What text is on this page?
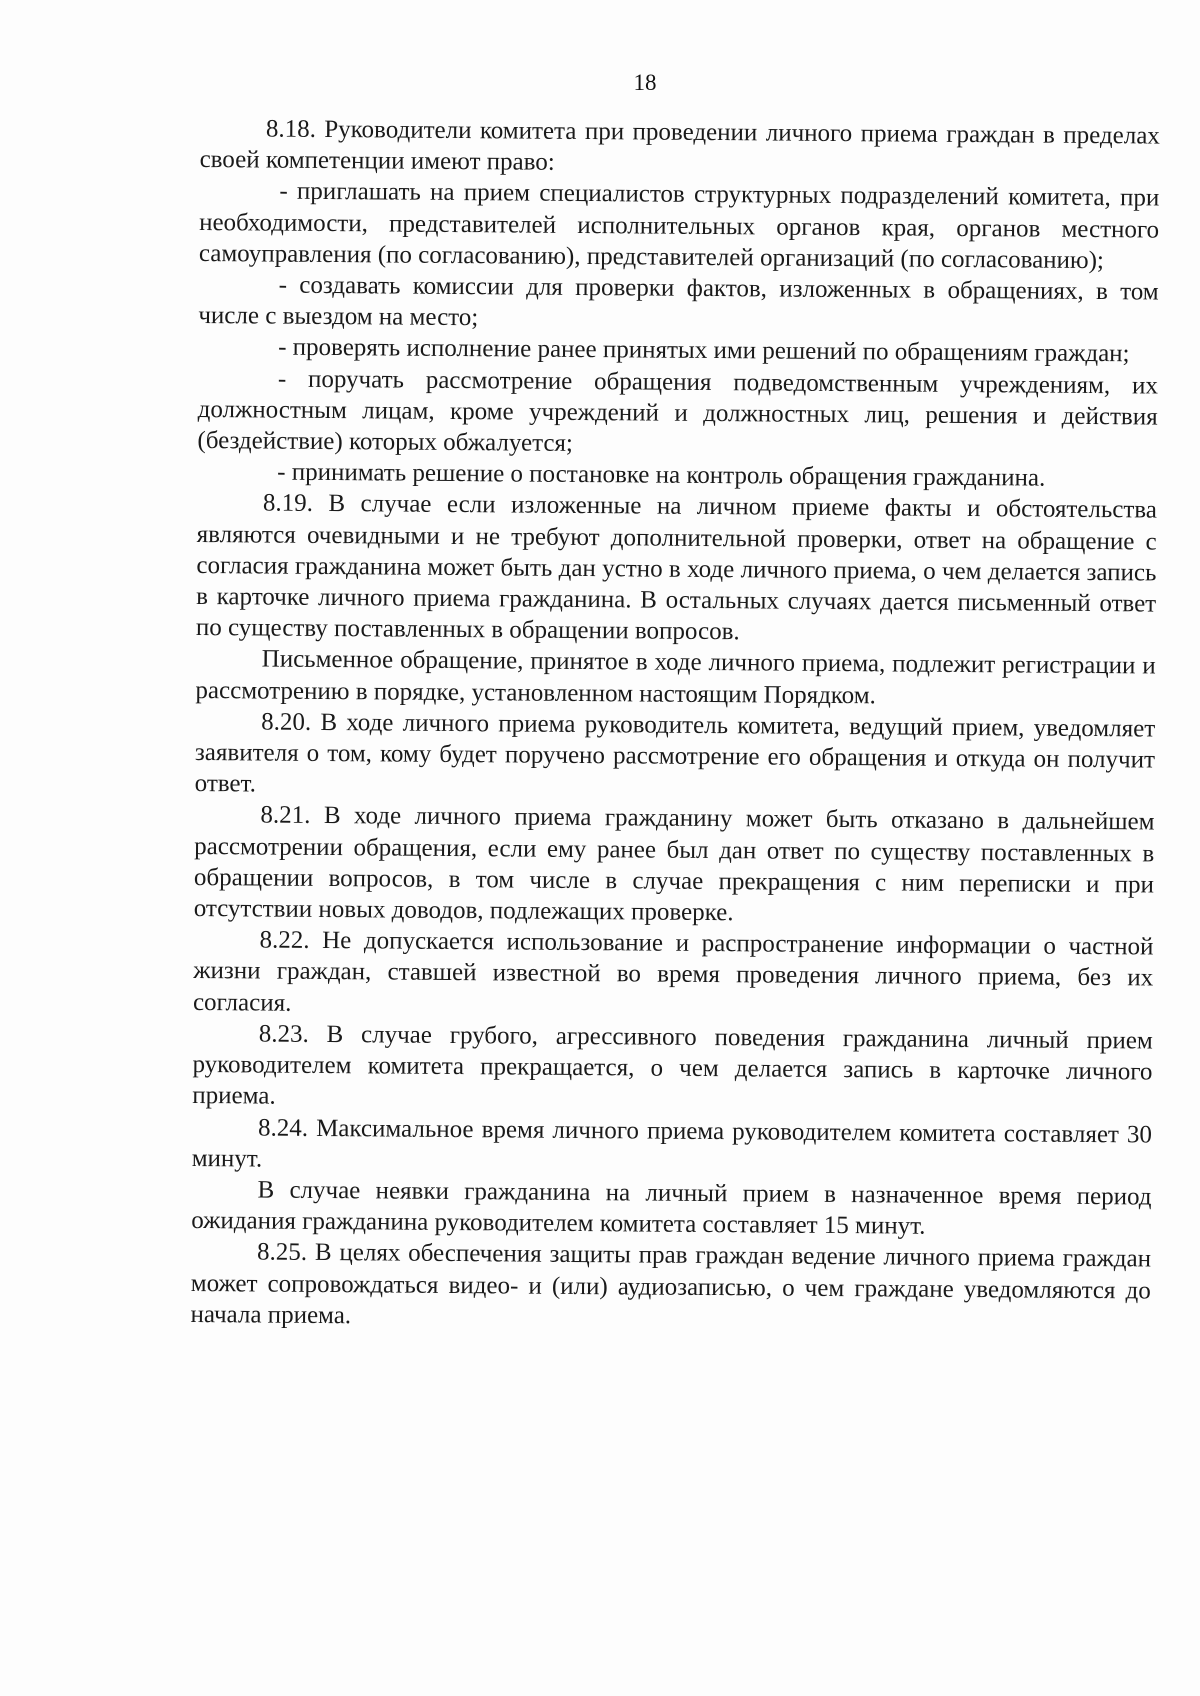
18

8.18. Руководители комитета при проведении личного приема граждан в пределах своей компетенции имеют право:

- приглашать на прием специалистов структурных подразделений комитета, при необходимости, представителей исполнительных органов края, органов местного самоуправления (по согласованию), представителей организаций (по согласованию);

- создавать комиссии для проверки фактов, изложенных в обращениях, в том числе с выездом на место;

- проверять исполнение ранее принятых ими решений по обращениям граждан;

- поручать рассмотрение обращения подведомственным учреждениям, их должностным лицам, кроме учреждений и должностных лиц, решения и действия (бездействие) которых обжалуется;

- принимать решение о постановке на контроль обращения гражданина.

8.19. В случае если изложенные на личном приеме факты и обстоятельства являются очевидными и не требуют дополнительной проверки, ответ на обращение с согласия гражданина может быть дан устно в ходе личного приема, о чем делается запись в карточке личного приема гражданина. В остальных случаях дается письменный ответ по существу поставленных в обращении вопросов.

Письменное обращение, принятое в ходе личного приема, подлежит регистрации и рассмотрению в порядке, установленном настоящим Порядком.

8.20. В ходе личного приема руководитель комитета, ведущий прием, уведомляет заявителя о том, кому будет поручено рассмотрение его обращения и откуда он получит ответ.

8.21. В ходе личного приема гражданину может быть отказано в дальнейшем рассмотрении обращения, если ему ранее был дан ответ по существу поставленных в обращении вопросов, в том числе в случае прекращения с ним переписки и при отсутствии новых доводов, подлежащих проверке.

8.22. Не допускается использование и распространение информации о частной жизни граждан, ставшей известной во время проведения личного приема, без их согласия.

8.23. В случае грубого, агрессивного поведения гражданина личный прием руководителем комитета прекращается, о чем делается запись в карточке личного приема.

8.24. Максимальное время личного приема руководителем комитета составляет 30 минут.

В случае неявки гражданина на личный прием в назначенное время период ожидания гражданина руководителем комитета составляет 15 минут.

8.25. В целях обеспечения защиты прав граждан ведение личного приема граждан может сопровождаться видео- и (или) аудиозаписью, о чем граждане уведомляются до начала приема.
